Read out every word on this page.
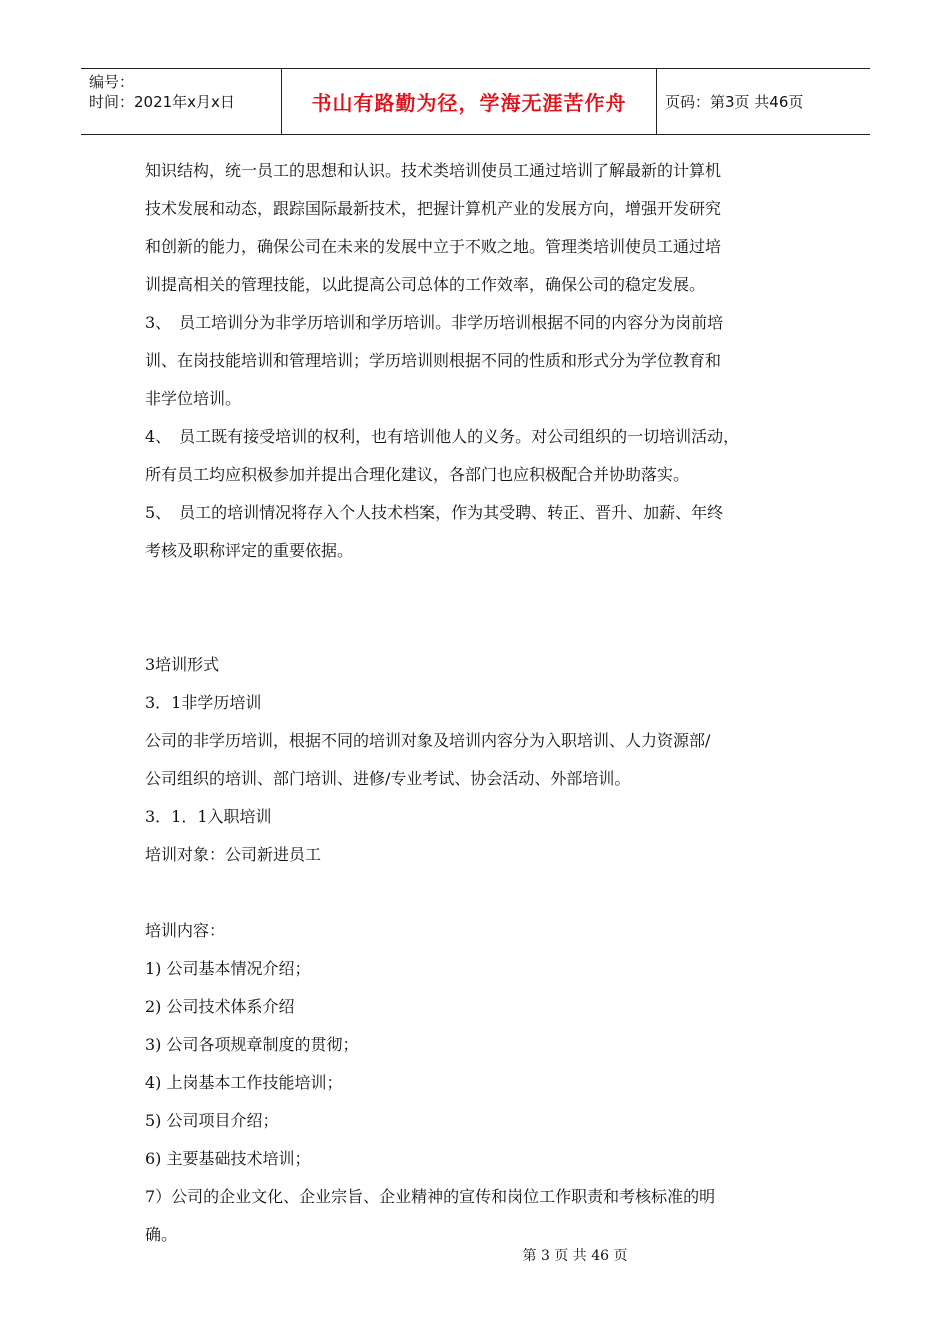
编号：
时间：2021年x月x日	书山有路勤为径，学海无涯苦作舟	页码：第3页 共46页
知识结构，统一员工的思想和认识。技术类培训使员工通过培训了解最新的计算机
技术发展和动态，跟踪国际最新技术，把握计算机产业的发展方向，增强开发研究
和创新的能力，确保公司在未来的发展中立于不败之地。管理类培训使员工通过培
训提高相关的管理技能，以此提高公司总体的工作效率，确保公司的稳定发展。
3、　员工培训分为非学历培训和学历培训。非学历培训根据不同的内容分为岗前培
训、在岗技能培训和管理培训；学历培训则根据不同的性质和形式分为学位教育和
非学位培训。
4、　员工既有接受培训的权利，也有培训他人的义务。对公司组织的一切培训活动，
所有员工均应积极参加并提出合理化建议，各部门也应积极配合并协助落实。
5、　员工的培训情况将存入个人技术档案，作为其受聘、转正、晋升、加薪、年终
考核及职称评定的重要依据。
3培训形式
3．1非学历培训
公司的非学历培训，根据不同的培训对象及培训内容分为入职培训、人力资源部/
公司组织的培训、部门培训、进修/专业考试、协会活动、外部培训。
3．1．1入职培训
培训对象：公司新进员工
培训内容：
1) 公司基本情况介绍；
2) 公司技术体系介绍
3) 公司各项规章制度的贯彻；
4) 上岗基本工作技能培训；
5) 公司项目介绍；
6) 主要基础技术培训；
7）公司的企业文化、企业宗旨、企业精神的宣传和岗位工作职责和考核标准的明
确。
第 3 页 共 46 页
